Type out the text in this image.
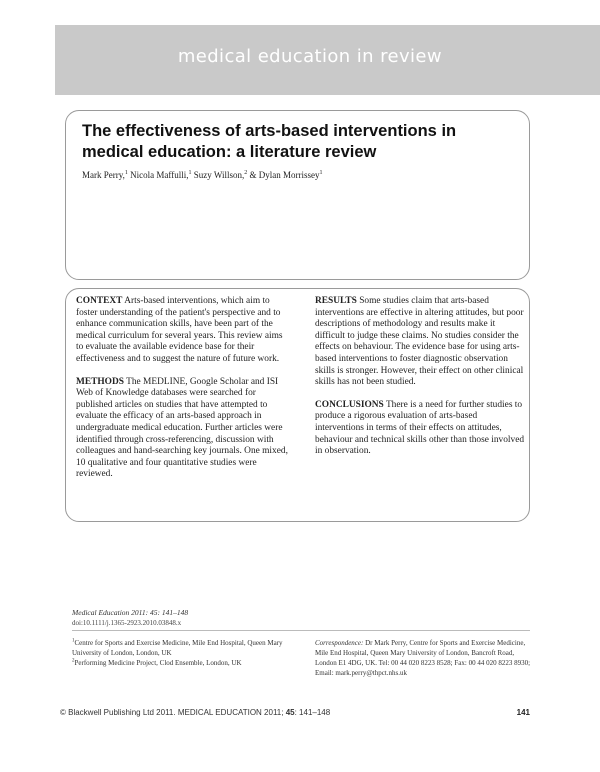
medical education in review
The effectiveness of arts-based interventions in medical education: a literature review
Mark Perry,$^1$ Nicola Maffulli,$^1$ Suzy Willson,$^2$ & Dylan Morrissey$^1$

CONTEXT Arts-based interventions, which aim to foster understanding of the patient's perspective and to enhance communication skills, have been part of the medical curriculum for several years. This review aims to evaluate the available evidence base for their effectiveness and to suggest the nature of future work.

METHODS The MEDLINE, Google Scholar and ISI Web of Knowledge databases were searched for published articles on studies that have attempted to evaluate the efficacy of an arts-based approach in undergraduate medical education. Further articles were identified through cross-referencing, discussion with colleagues and hand-searching key journals. One mixed, 10 qualitative and four quantitative studies were reviewed.

RESULTS Some studies claim that arts-based interventions are effective in altering attitudes, but poor descriptions of methodology and results make it difficult to judge these claims. No studies consider the effects on behaviour. The evidence base for using arts-based interventions to foster diagnostic observation skills is stronger. However, their effect on other clinical skills has not been studied.

CONCLUSIONS There is a need for further studies to produce a rigorous evaluation of arts-based interventions in terms of their effects on attitudes, behaviour and technical skills other than those involved in observation.

Medical Education 2011: 45: 141–148
doi:10.1111/j.1365-2923.2010.03848.x
$^1$Centre for Sports and Exercise Medicine, Mile End Hospital, Queen Mary University of London, London, UK
$^2$Performing Medicine Project, Clod Ensemble, London, UK
Correspondence: Dr Mark Perry, Centre for Sports and Exercise Medicine, Mile End Hospital, Queen Mary University of London, Bancroft Road, London E1 4DG, UK. Tel: 00 44 020 8223 8528; Fax: 00 44 020 8223 8930; Email: mark.perry@thpct.nhs.uk
© Blackwell Publishing Ltd 2011. MEDICAL EDUCATION 2011; 45: 141–148	141
